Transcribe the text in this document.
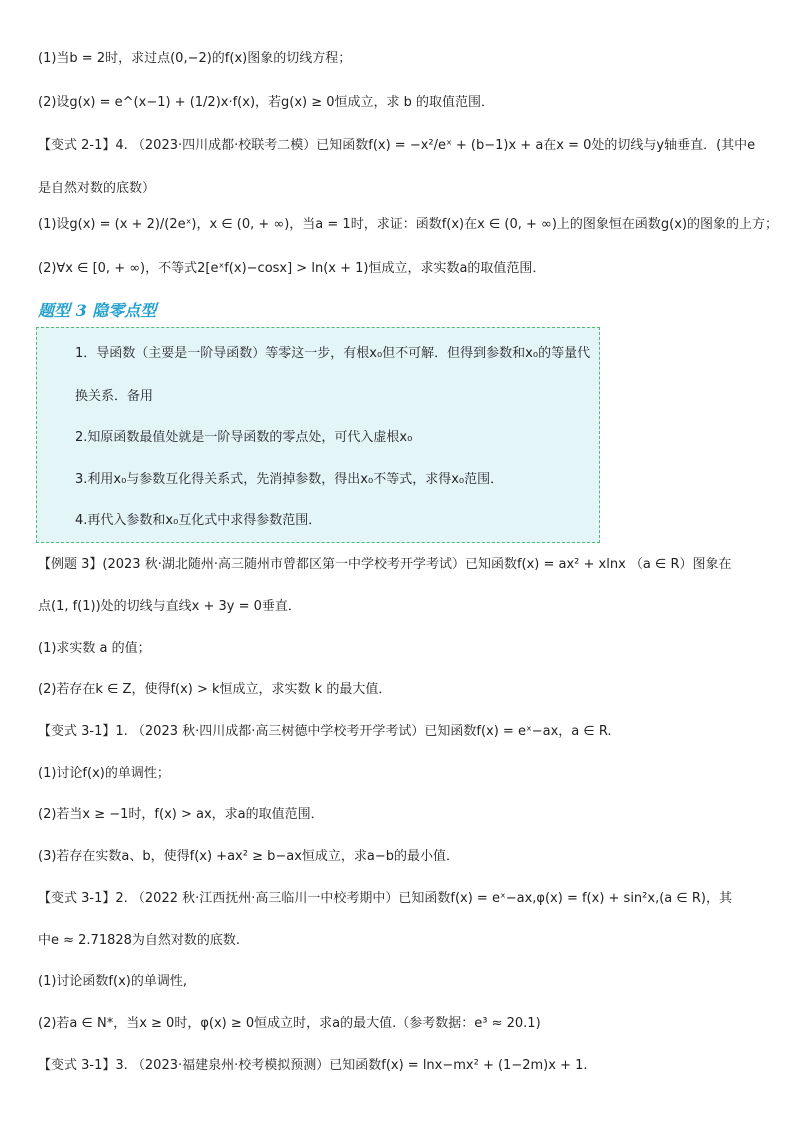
(1)当b = 2时，求过点(0,−2)的f(x)图象的切线方程；
(2)设g(x) = e^(x−1) + (1/2)x·f(x)，若g(x) ≥ 0恒成立，求 b 的取值范围．
【变式 2-1】4. （2023·四川成都·校联考二模）已知函数f(x) = −x²/eˣ + (b−1)x + a在x = 0处的切线与y轴垂直．(其中e
是自然对数的底数）
(1)设g(x) = (x + 2)/(2eˣ)，x ∈ (0, + ∞)，当a = 1时，求证：函数f(x)在x ∈ (0, + ∞)上的图象恒在函数g(x)的图象的上方；
(2)∀x ∈ [0, + ∞)，不等式2[eˣf(x)−cosx] > ln(x + 1)恒成立，求实数a的取值范围．
题型 3 隐零点型
1．导函数（主要是一阶导函数）等零这一步，有根x₀但不可解．但得到参数和x₀的等量代
换关系．备用
2.知原函数最值处就是一阶导函数的零点处，可代入虚根x₀
3.利用x₀与参数互化得关系式，先消掉参数，得出x₀不等式，求得x₀范围．
4.再代入参数和x₀互化式中求得参数范围．
【例题 3】(2023 秋·湖北随州·高三随州市曾都区第一中学校考开学考试）已知函数f(x) = ax² + xlnx （a ∈ R）图象在
点(1, f(1))处的切线与直线x + 3y = 0垂直．
(1)求实数 a 的值；
(2)若存在k ∈ Z，使得f(x) > k恒成立，求实数 k 的最大值．
【变式 3-1】1. （2023 秋·四川成都·高三树德中学校考开学考试）已知函数f(x) = eˣ−ax，a ∈ R.
(1)讨论f(x)的单调性；
(2)若当x ≥ −1时，f(x) > ax，求a的取值范围．
(3)若存在实数a、b，使得f(x) +ax² ≥ b−ax恒成立，求a−b的最小值．
【变式 3-1】2. （2022 秋·江西抚州·高三临川一中校考期中）已知函数f(x) = eˣ−ax,φ(x) = f(x) + sin²x,(a ∈ R)，其
中e ≈ 2.71828为自然对数的底数.
(1)讨论函数f(x)的单调性,
(2)若a ∈ N*，当x ≥ 0时，φ(x) ≥ 0恒成立时，求a的最大值.（参考数据：e³ ≈ 20.1)
【变式 3-1】3. （2023·福建泉州·校考模拟预测）已知函数f(x) = lnx−mx² + (1−2m)x + 1.
